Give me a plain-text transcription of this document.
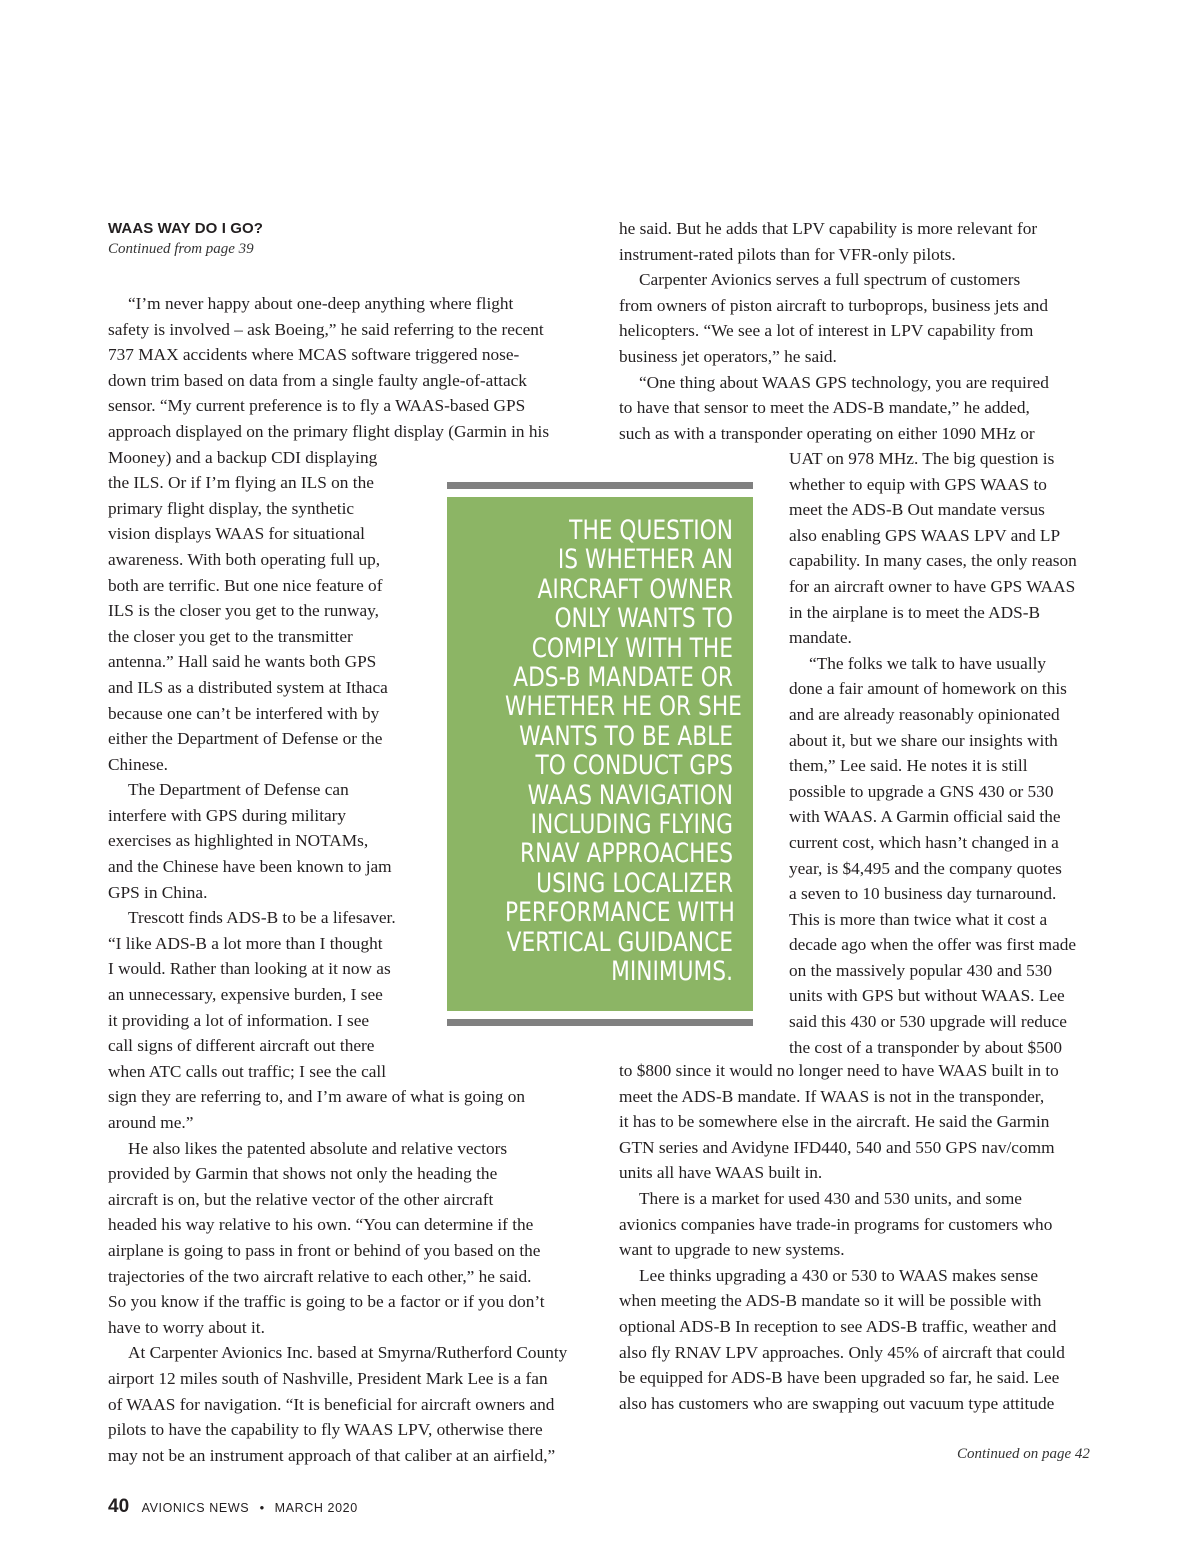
WAAS WAY DO I GO?
Continued from page 39
“I’m never happy about one-deep anything where flight
safety is involved – ask Boeing,” he said referring to the recent
737 MAX accidents where MCAS software triggered nose-
down trim based on data from a single faulty angle-of-attack
sensor. “My current preference is to fly a WAAS-based GPS
approach displayed on the primary flight display (Garmin in his
Mooney) and a backup CDI displaying
the ILS. Or if I’m flying an ILS on the
primary flight display, the synthetic
vision displays WAAS for situational
awareness. With both operating full up,
both are terrific. But one nice feature of
ILS is the closer you get to the runway,
the closer you get to the transmitter
antenna.” Hall said he wants both GPS
and ILS as a distributed system at Ithaca
because one can’t be interfered with by
either the Department of Defense or the
Chinese.
The Department of Defense can
interfere with GPS during military
exercises as highlighted in NOTAMs,
and the Chinese have been known to jam
GPS in China.
Trescott finds ADS-B to be a lifesaver.
“I like ADS-B a lot more than I thought
I would. Rather than looking at it now as
an unnecessary, expensive burden, I see
it providing a lot of information. I see
call signs of different aircraft out there
when ATC calls out traffic; I see the call
sign they are referring to, and I’m aware of what is going on
around me.”
He also likes the patented absolute and relative vectors
provided by Garmin that shows not only the heading the
aircraft is on, but the relative vector of the other aircraft
headed his way relative to his own. “You can determine if the
airplane is going to pass in front or behind of you based on the
trajectories of the two aircraft relative to each other,” he said.
So you know if the traffic is going to be a factor or if you don’t
have to worry about it.
At Carpenter Avionics Inc. based at Smyrna/Rutherford County
airport 12 miles south of Nashville, President Mark Lee is a fan
of WAAS for navigation. “It is beneficial for aircraft owners and
pilots to have the capability to fly WAAS LPV, otherwise there
may not be an instrument approach of that caliber at an airfield,”
he said. But he adds that LPV capability is more relevant for
instrument-rated pilots than for VFR-only pilots.
Carpenter Avionics serves a full spectrum of customers
from owners of piston aircraft to turboprops, business jets and
helicopters. “We see a lot of interest in LPV capability from
business jet operators,” he said.
“One thing about WAAS GPS technology, you are required
to have that sensor to meet the ADS-B mandate,” he added,
such as with a transponder operating on either 1090 MHz or
UAT on 978 MHz. The big question is
whether to equip with GPS WAAS to
meet the ADS-B Out mandate versus
also enabling GPS WAAS LPV and LP
capability. In many cases, the only reason
for an aircraft owner to have GPS WAAS
in the airplane is to meet the ADS-B
mandate.
“The folks we talk to have usually
done a fair amount of homework on this
and are already reasonably opinionated
about it, but we share our insights with
them,” Lee said. He notes it is still
possible to upgrade a GNS 430 or 530
with WAAS. A Garmin official said the
current cost, which hasn’t changed in a
year, is $4,495 and the company quotes
a seven to 10 business day turnaround.
This is more than twice what it cost a
decade ago when the offer was first made
on the massively popular 430 and 530
units with GPS but without WAAS. Lee
said this 430 or 530 upgrade will reduce
the cost of a transponder by about $500
to $800 since it would no longer need to have WAAS built in to
meet the ADS-B mandate. If WAAS is not in the transponder,
it has to be somewhere else in the aircraft. He said the Garmin
GTN series and Avidyne IFD440, 540 and 550 GPS nav/comm
units all have WAAS built in.
There is a market for used 430 and 530 units, and some
avionics companies have trade-in programs for customers who
want to upgrade to new systems.
Lee thinks upgrading a 430 or 530 to WAAS makes sense
when meeting the ADS-B mandate so it will be possible with
optional ADS-B In reception to see ADS-B traffic, weather and
also fly RNAV LPV approaches. Only 45% of aircraft that could
be equipped for ADS-B have been upgraded so far, he said. Lee
also has customers who are swapping out vacuum type attitude
THE QUESTION
IS WHETHER AN
AIRCRAFT OWNER
ONLY WANTS TO
COMPLY WITH THE
ADS-B MANDATE OR
WHETHER HE OR SHE
WANTS TO BE ABLE
TO CONDUCT GPS
WAAS NAVIGATION
INCLUDING FLYING
RNAV APPROACHES
USING LOCALIZER
PERFORMANCE WITH
VERTICAL GUIDANCE
MINIMUMS.
Continued on page 42
40 AVIONICS NEWS • MARCH 2020
